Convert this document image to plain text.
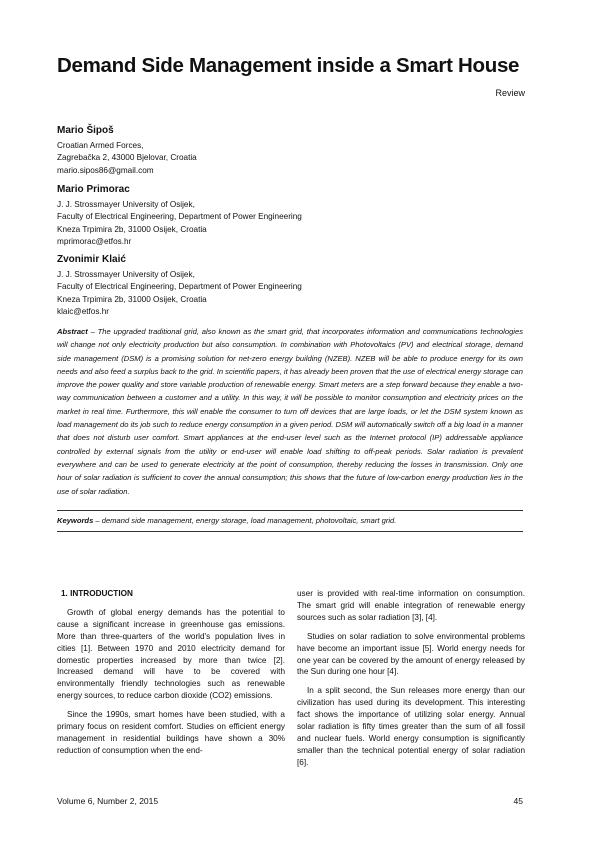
Demand Side Management inside a Smart House
Review

Mario Šipoš

Croatian Armed Forces,

Zagrebačka 2, 43000 Bjelovar, Croatia

mario.sipos86@gmail.com

Mario Primorac

J. J. Strossmayer University of Osijek,

Faculty of Electrical Engineering, Department of Power Engineering

Kneza Trpimira 2b, 31000 Osijek, Croatia

mprimorac@etfos.hr

Zvonimir Klaić

J. J. Strossmayer University of Osijek,

Faculty of Electrical Engineering, Department of Power Engineering

Kneza Trpimira 2b, 31000 Osijek, Croatia

klaic@etfos.hr

Abstract – The upgraded traditional grid, also known as the smart grid, that incorporates information and communications technologies will change not only electricity production but also consumption. In combination with Photovoltaics (PV) and electrical storage, demand side management (DSM) is a promising solution for net-zero energy building (NZEB). NZEB will be able to produce energy for its own needs and also feed a surplus back to the grid. In scientific papers, it has already been proven that the use of electrical energy storage can improve the power quality and store variable production of renewable energy. Smart meters are a step forward because they enable a two-way communication between a customer and a utility. In this way, it will be possible to monitor consumption and electricity prices on the market in real time. Furthermore, this will enable the consumer to turn off devices that are large loads, or let the DSM system known as load management do its job such to reduce energy consumption in a given period. DSM will automatically switch off a big load in a manner that does not disturb user comfort. Smart appliances at the end-user level such as the Internet protocol (IP) addressable appliance controlled by external signals from the utility or end-user will enable load shifting to off-peak periods. Solar radiation is prevalent everywhere and can be used to generate electricity at the point of consumption, thereby reducing the losses in transmission. Only one hour of solar radiation is sufficient to cover the annual consumption; this shows that the future of low-carbon energy production lies in the use of solar radiation.

Keywords – demand side management, energy storage, load management, photovoltaic, smart grid.

1. INTRODUCTION

Growth of global energy demands has the potential to cause a significant increase in greenhouse gas emissions. More than three-quarters of the world's population lives in cities [1]. Between 1970 and 2010 electricity demand for domestic properties increased by more than twice [2]. Increased demand will have to be covered with environmentally friendly technologies such as renewable energy sources, to reduce carbon dioxide (CO2) emissions.

Since the 1990s, smart homes have been studied, with a primary focus on resident comfort. Studies on efficient energy management in residential buildings have shown a 30% reduction of consumption when the end-

user is provided with real-time information on consumption. The smart grid will enable integration of renewable energy sources such as solar radiation [3], [4].

Studies on solar radiation to solve environmental problems have become an important issue [5]. World energy needs for one year can be covered by the amount of energy released by the Sun during one hour [4].

In a split second, the Sun releases more energy than our civilization has used during its development. This interesting fact shows the importance of utilizing solar energy. Annual solar radiation is fifty times greater than the sum of all fossil and nuclear fuels. World energy consumption is significantly smaller than the technical potential energy of solar radiation [6].

Volume 6, Number 2, 2015	45
